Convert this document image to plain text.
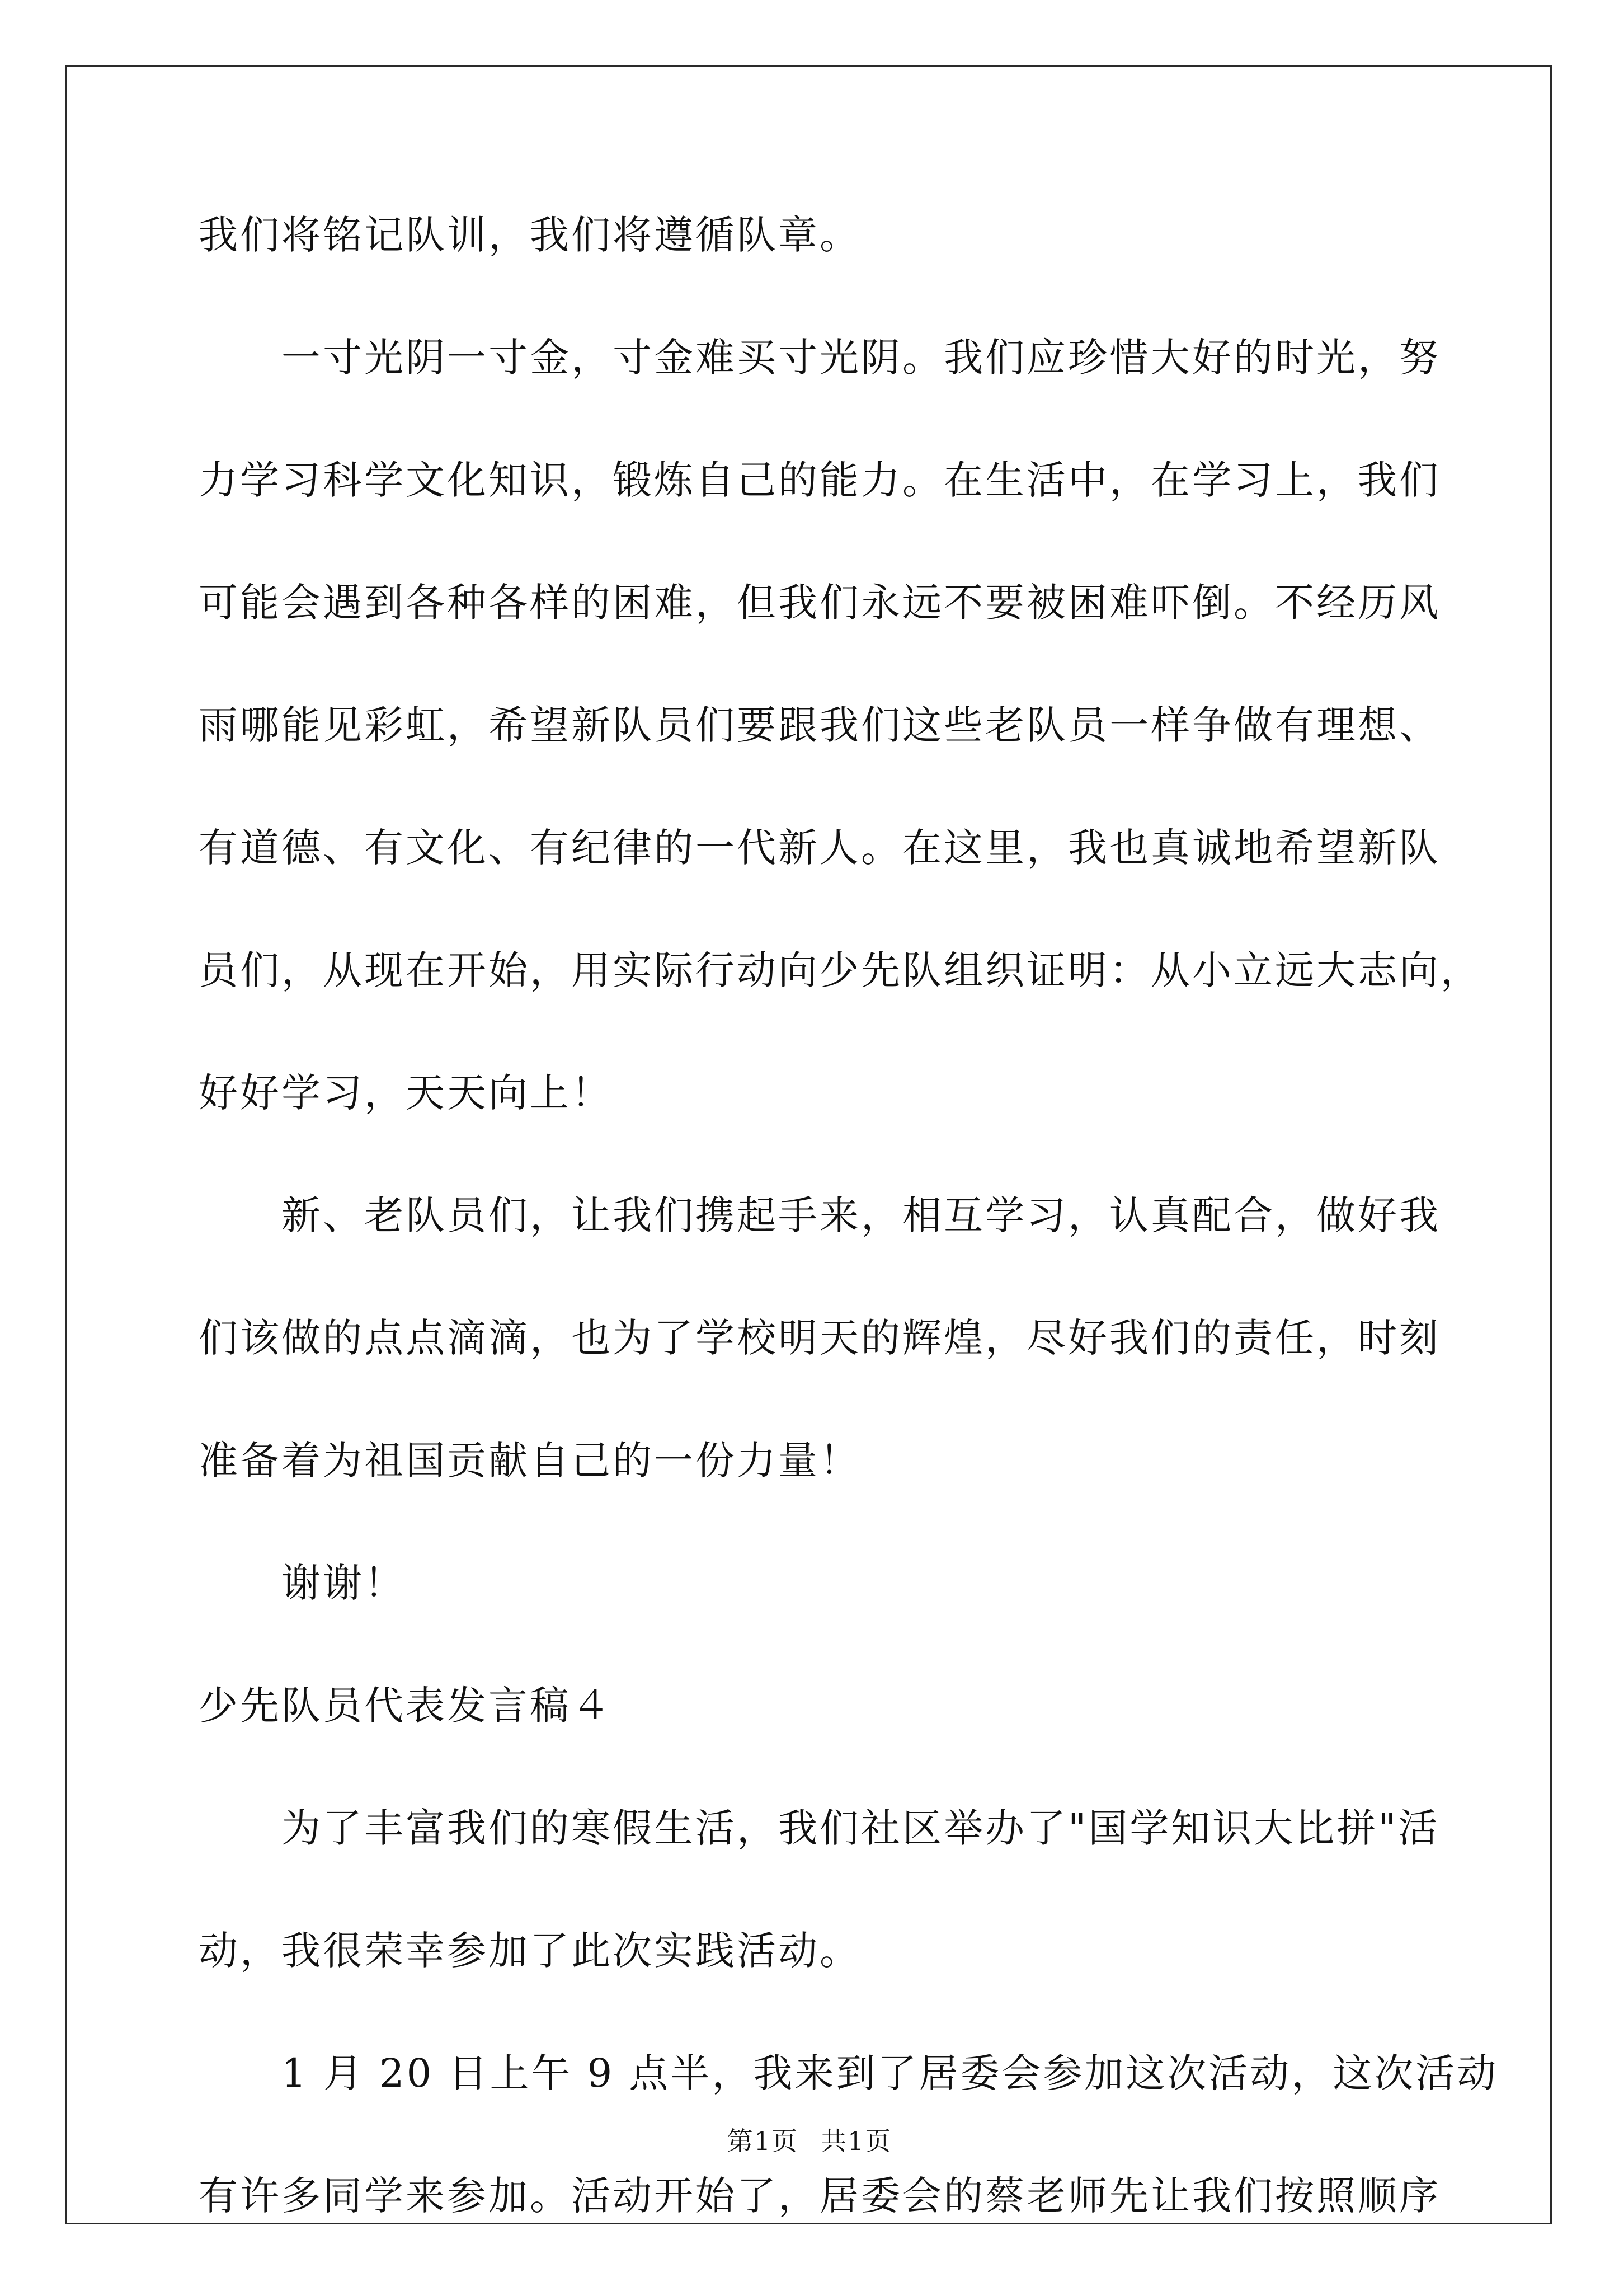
我们将铭记队训，我们将遵循队章。
一寸光阴一寸金，寸金难买寸光阴。我们应珍惜大好的时光，努
力学习科学文化知识，锻炼自己的能力。在生活中，在学习上，我们
可能会遇到各种各样的困难，但我们永远不要被困难吓倒。不经历风
雨哪能见彩虹，希望新队员们要跟我们这些老队员一样争做有理想、
有道德、有文化、有纪律的一代新人。在这里，我也真诚地希望新队
员们，从现在开始，用实际行动向少先队组织证明：从小立远大志向，
好好学习，天天向上！
新、老队员们，让我们携起手来，相互学习，认真配合，做好我
们该做的点点滴滴，也为了学校明天的辉煌，尽好我们的责任，时刻
准备着为祖国贡献自己的一份力量！
谢谢！
少先队员代表发言稿４
为了丰富我们的寒假生活，我们社区举办了"国学知识大比拼"活
动，我很荣幸参加了此次实践活动。
1 月 20 日上午 9 点半，我来到了居委会参加这次活动，这次活动
有许多同学来参加。活动开始了，居委会的蔡老师先让我们按照顺序
第1页 共1页
